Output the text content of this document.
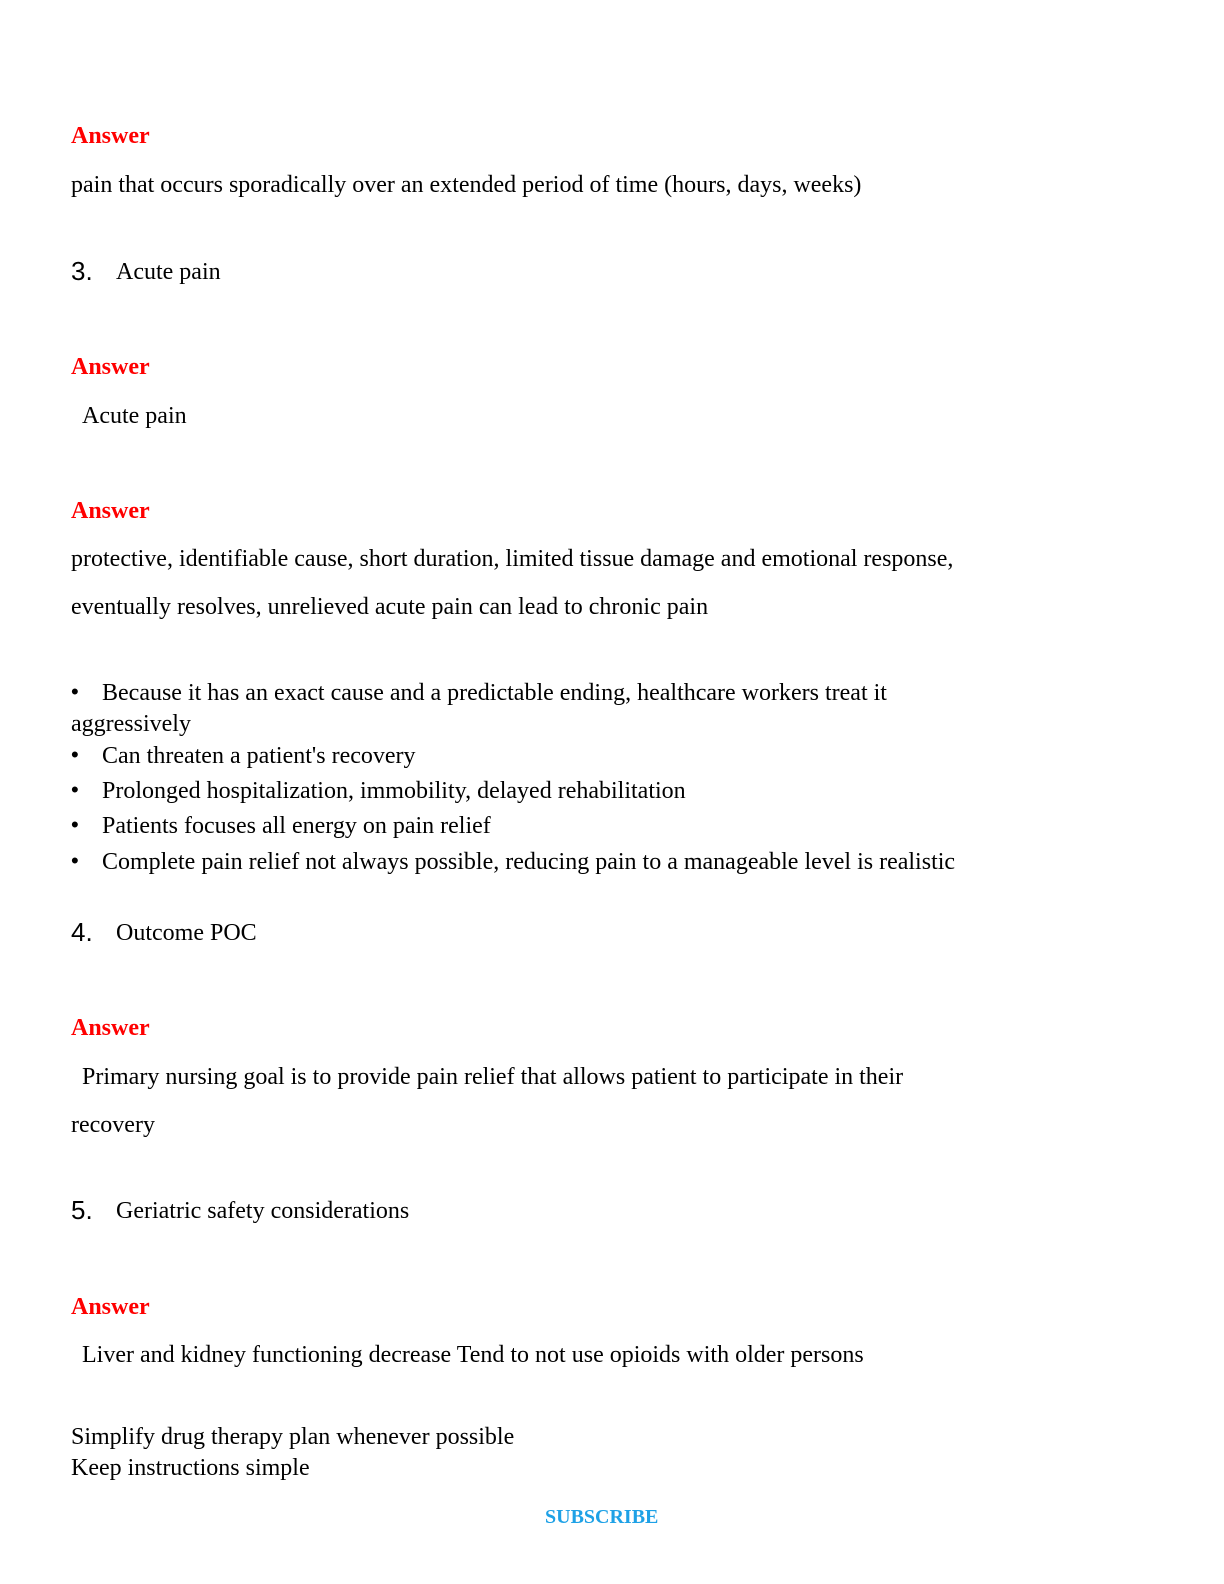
Answer
pain that occurs sporadically over an extended period of time (hours, days, weeks)
3. Acute pain
Answer
Acute pain
Answer
protective, identifiable cause, short duration, limited tissue damage and emotional response,
eventually resolves, unrelieved acute pain can lead to chronic pain
• Because it has an exact cause and a predictable ending, healthcare workers treat it
aggressively
• Can threaten a patient's recovery
• Prolonged hospitalization, immobility, delayed rehabilitation
• Patients focuses all energy on pain relief
• Complete pain relief not always possible, reducing pain to a manageable level is realistic
4. Outcome POC
Answer
Primary nursing goal is to provide pain relief that allows patient to participate in their
recovery
5. Geriatric safety considerations
Answer
Liver and kidney functioning decrease Tend to not use opioids with older persons
Simplify drug therapy plan whenever possible
Keep instructions simple
SUBSCRIBE
